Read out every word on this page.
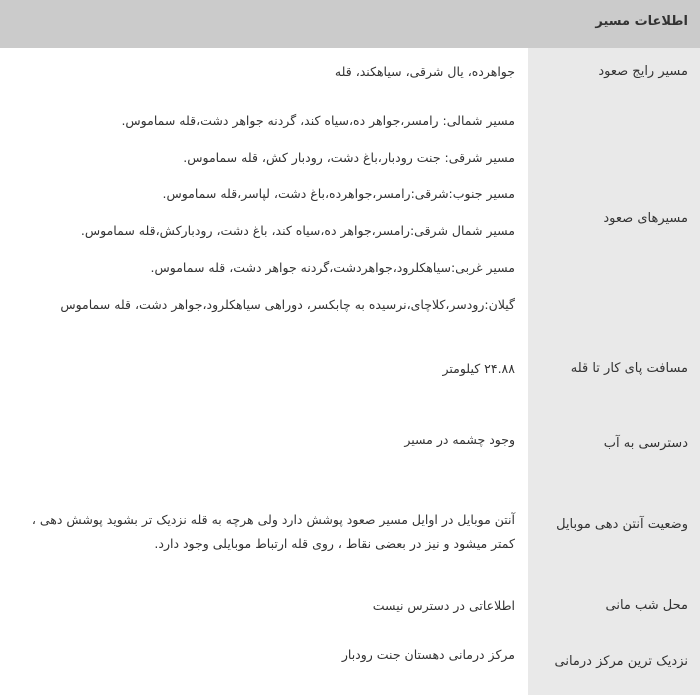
اطلاعات مسیر
مسیر رایج صعود
جواهرده، یال شرقی، سیاهکند، قله
مسیرهای صعود
مسیر شمالی: رامسر،جواهر ده،سیاه کند، گردنه جواهر دشت،قله سماموس.
مسیر شرقی: جنت رودبار،باغ دشت، رودبار کش، قله سماموس.
مسیر جنوب:شرقی:رامسر،جواهرده،باغ دشت، لپاسر،قله سماموس.
مسیر شمال شرقی:رامسر،جواهر ده،سیاه کند، باغ دشت، رودبارکش،قله سماموس.
مسیر غربی:سیاهکلرود،جواهردشت،گردنه جواهر دشت، قله سماموس.
گیلان:رودسر،کلاچای،نرسیده به چابکسر، دوراهی سیاهکلرود،جواهر دشت، قله سماموس
مسافت پای کار تا قله
۲۴.۸۸ کیلومتر
دسترسی به آب
وجود چشمه در مسیر
وضعیت آنتن دهی موبایل
آنتن موبایل در اوایل مسیر صعود پوشش دارد ولی هرچه به قله نزدیک تر بشوید پوشش دهی ، کمتر میشود و نیز در بعضی نقاط ، روی قله ارتباط موبایلی وجود دارد.
محل شب مانی
اطلاعاتی در دسترس نیست
نزدیک ترین مرکز درمانی
مرکز درمانی دهستان جنت رودبار
